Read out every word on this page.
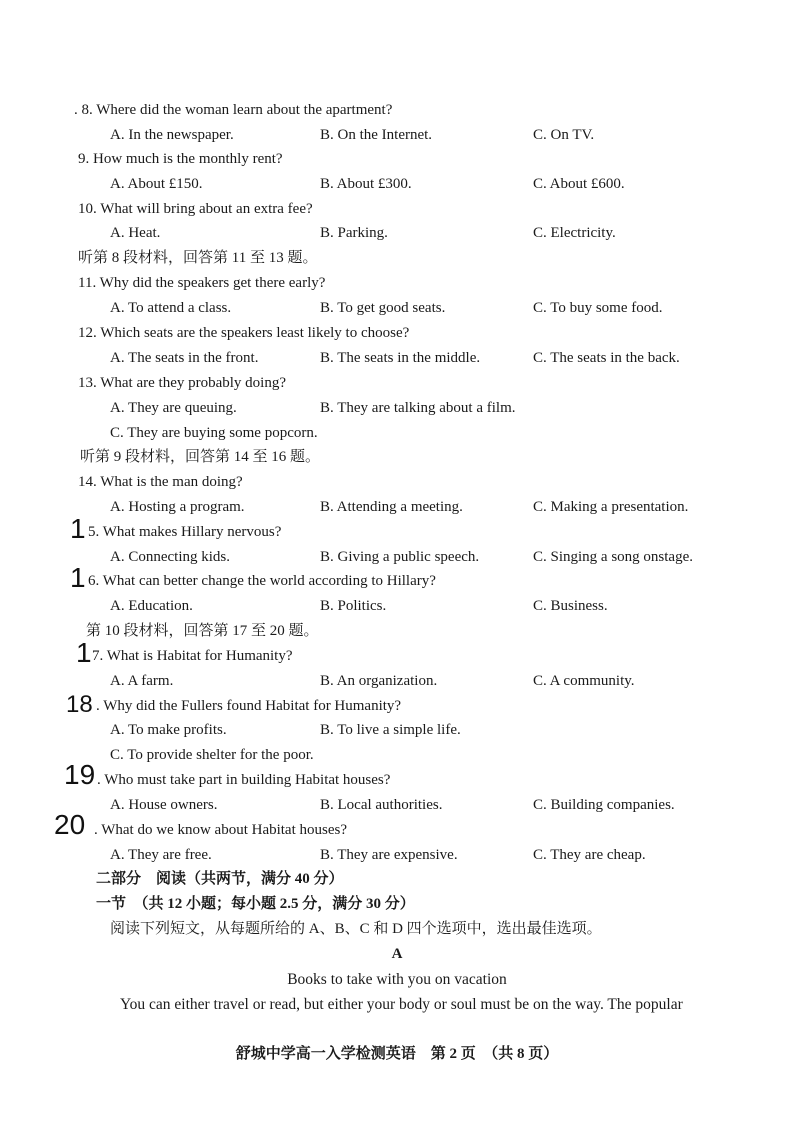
. 8. Where did the woman learn about the apartment?
A. In the newspaper.	B. On the Internet.	C. On TV.
9. How much is the monthly rent?
A. About £150.	B. About £300.	C. About £600.
10. What will bring about an extra fee?
A. Heat.	B. Parking.	C. Electricity.
听第 8 段材料，回答第 11 至 13 题。
11. Why did the speakers get there early?
A. To attend a class.	B. To get good seats.	C. To buy some food.
12. Which seats are the speakers least likely to choose?
A. The seats in the front.	B. The seats in the middle.	C. The seats in the back.
13. What are they probably doing?
A. They are queuing.	B. They are talking about a film.
C. They are buying some popcorn.
听第 9 段材料，回答第 14 至 16 题。
14. What is the man doing?
A. Hosting a program.	B. Attending a meeting.	C. Making a presentation.
1 5. What makes Hillary nervous?
A. Connecting kids.	B. Giving a public speech.	C. Singing a song onstage.
1 6. What can better change the world according to Hillary?
A. Education.	B. Politics.	C. Business.
第 10 段材料，回答第 17 至 20 题。
1 7. What is Habitat for Humanity?
A. A farm.	B. An organization.	C. A community.
18 . Why did the Fullers found Habitat for Humanity?
A. To make profits.	B. To live a simple life.
C. To provide shelter for the poor.
19 . Who must take part in building Habitat houses?
A. House owners.	B. Local authorities.	C. Building companies.
20 . What do we know about Habitat houses?
A. They are free.	B. They are expensive.	C. They are cheap.
二部分　阅读（共两节，满分 40 分）
一节　（共 12 小题；每小题 2.5 分，满分 30 分）
阅读下列短文，从每题所给的 A、B、C 和 D 四个选项中，选出最佳选项。
A
Books to take with you on vacation
You can either travel or read, but either your body or soul must be on the way. The popular
舒城中学高一入学检测英语　第 2 页　（共 8 页）
